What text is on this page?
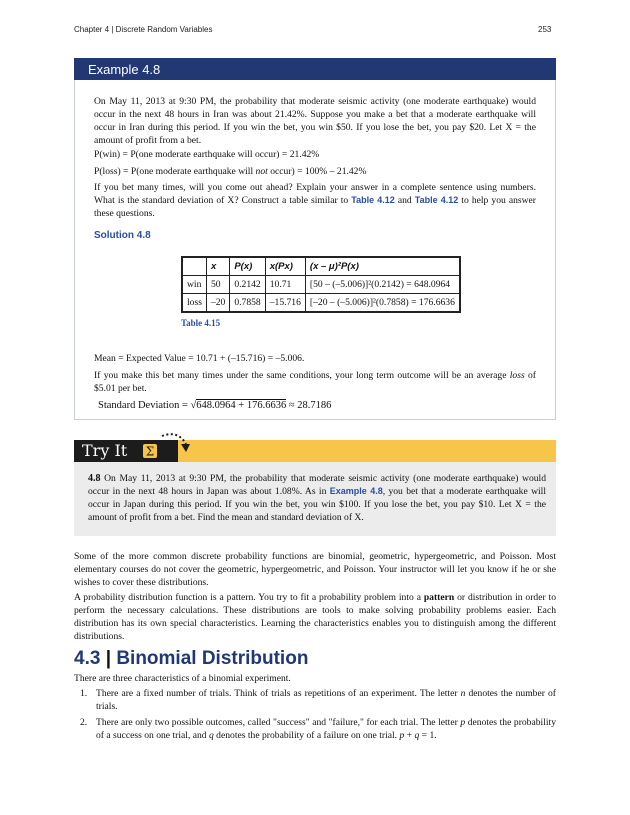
Chapter 4 | Discrete Random Variables	253
Example 4.8
On May 11, 2013 at 9:30 PM, the probability that moderate seismic activity (one moderate earthquake) would occur in the next 48 hours in Iran was about 21.42%. Suppose you make a bet that a moderate earthquake will occur in Iran during this period. If you win the bet, you win $50. If you lose the bet, you pay $20. Let X = the amount of profit from a bet.
P(win) = P(one moderate earthquake will occur) = 21.42%
P(loss) = P(one moderate earthquake will not occur) = 100% – 21.42%
If you bet many times, will you come out ahead? Explain your answer in a complete sentence using numbers. What is the standard deviation of X? Construct a table similar to Table 4.12 and Table 4.12 to help you answer these questions.
Solution 4.8
	x	P(x)	x(Px)	(x – μ)²P(x)
win	50	0.2142	10.71	[50 – (–5.006)]²(0.2142) = 648.0964
loss	–20	0.7858	–15.716	[–20 – (–5.006)]²(0.7858) = 176.6636
Table 4.15
Mean = Expected Value = 10.71 + (–15.716) = –5.006.
If you make this bet many times under the same conditions, your long term outcome will be an average loss of $5.01 per bet.
Standard Deviation = √648.0964 + 176.6636 ≈ 28.7186
Try It Σ
4.8 On May 11, 2013 at 9:30 PM, the probability that moderate seismic activity (one moderate earthquake) would occur in the next 48 hours in Japan was about 1.08%. As in Example 4.8, you bet that a moderate earthquake will occur in Japan during this period. If you win the bet, you win $100. If you lose the bet, you pay $10. Let X = the amount of profit from a bet. Find the mean and standard deviation of X.
Some of the more common discrete probability functions are binomial, geometric, hypergeometric, and Poisson. Most elementary courses do not cover the geometric, hypergeometric, and Poisson. Your instructor will let you know if he or she wishes to cover these distributions.
A probability distribution function is a pattern. You try to fit a probability problem into a pattern or distribution in order to perform the necessary calculations. These distributions are tools to make solving probability problems easier. Each distribution has its own special characteristics. Learning the characteristics enables you to distinguish among the different distributions.
4.3 | Binomial Distribution
There are three characteristics of a binomial experiment.
1. There are a fixed number of trials. Think of trials as repetitions of an experiment. The letter n denotes the number of trials.
2. There are only two possible outcomes, called "success" and "failure," for each trial. The letter p denotes the probability of a success on one trial, and q denotes the probability of a failure on one trial. p + q = 1.
